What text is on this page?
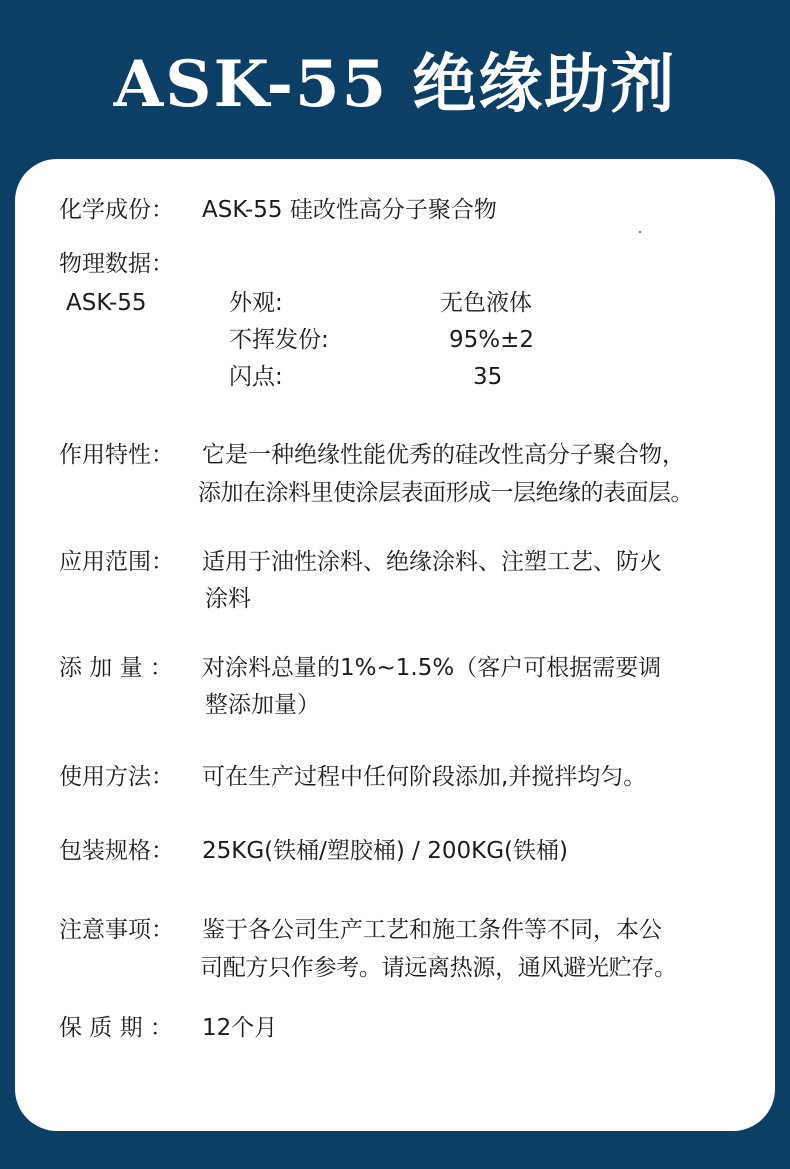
ASK-55 绝缘助剂
化学成份： ASK-55 硅改性高分子聚合物
物理数据：
ASK-55	外观:	无色液体
不挥发份:	95%±2
闪点:	35
作用特性： 它是一种绝缘性能优秀的硅改性高分子聚合物，
添加在涂料里使涂层表面形成一层绝缘的表面层。
应用范围： 适用于油性涂料、绝缘涂料、注塑工艺、防火
涂料
添 加 量 ： 对涂料总量的1%~1.5%（客户可根据需要调
整添加量）
使用方法： 可在生产过程中任何阶段添加,并搅拌均匀。
包装规格： 25KG(铁桶/塑胶桶) / 200KG(铁桶)
注意事项： 鉴于各公司生产工艺和施工条件等不同，本公
司配方只作参考。请远离热源，通风避光贮存。
保 质 期 ： 12个月
